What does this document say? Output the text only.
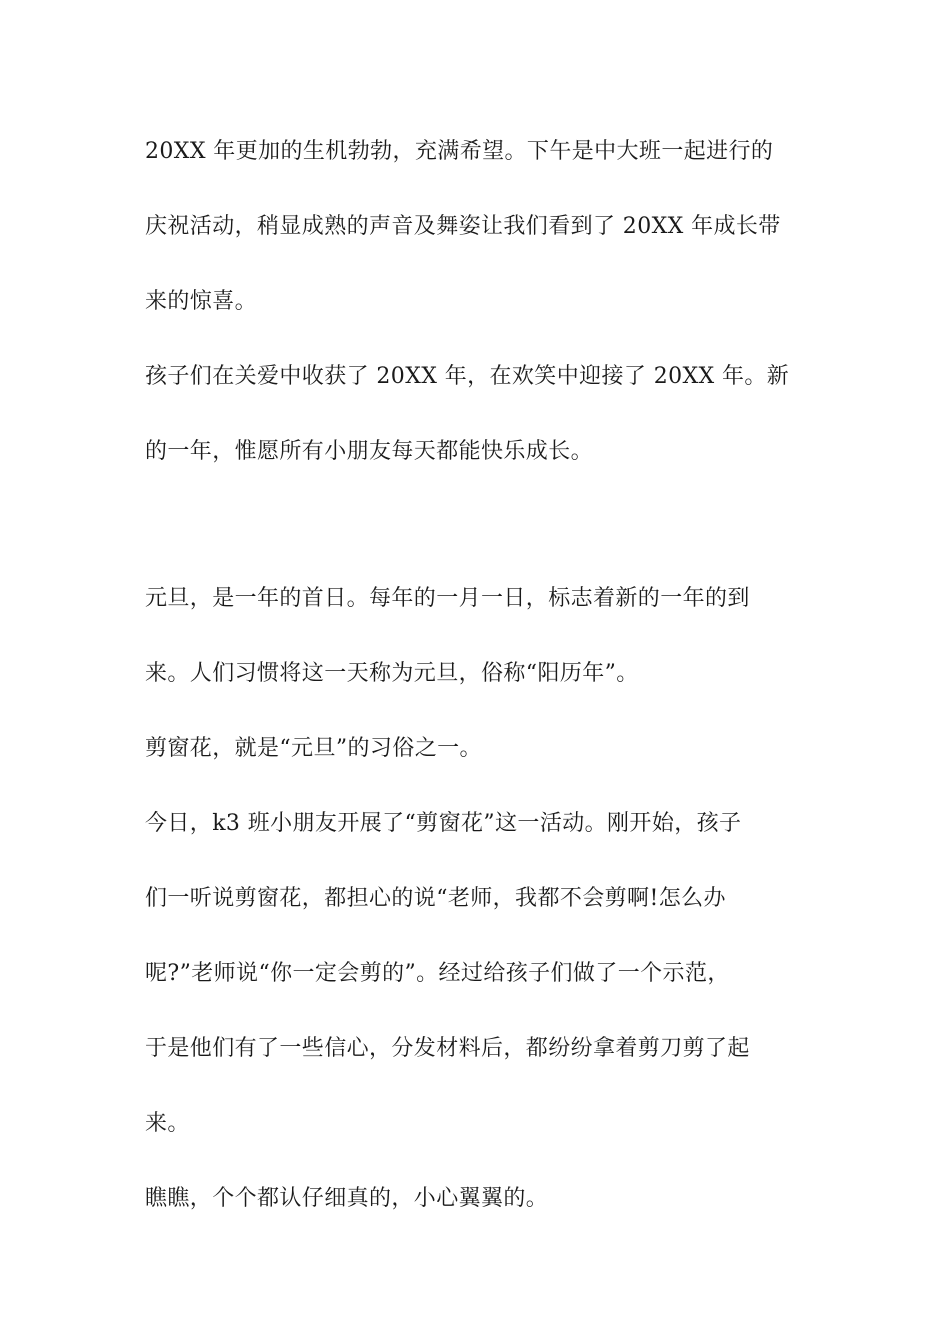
20XX 年更加的生机勃勃，充满希望。下午是中大班一起进行的
庆祝活动，稍显成熟的声音及舞姿让我们看到了 20XX 年成长带
来的惊喜。
孩子们在关爱中收获了 20XX 年，在欢笑中迎接了 20XX 年。新
的一年，惟愿所有小朋友每天都能快乐成长。
元旦，是一年的首日。每年的一月一日，标志着新的一年的到
来。人们习惯将这一天称为元旦，俗称“阳历年”。
剪窗花，就是“元旦”的习俗之一。
今日，k3 班小朋友开展了“剪窗花”这一活动。刚开始，孩子
们一听说剪窗花，都担心的说“老师，我都不会剪啊!怎么办
呢?”老师说“你一定会剪的”。经过给孩子们做了一个示范，
于是他们有了一些信心，分发材料后，都纷纷拿着剪刀剪了起
来。
瞧瞧，个个都认仔细真的，小心翼翼的。
